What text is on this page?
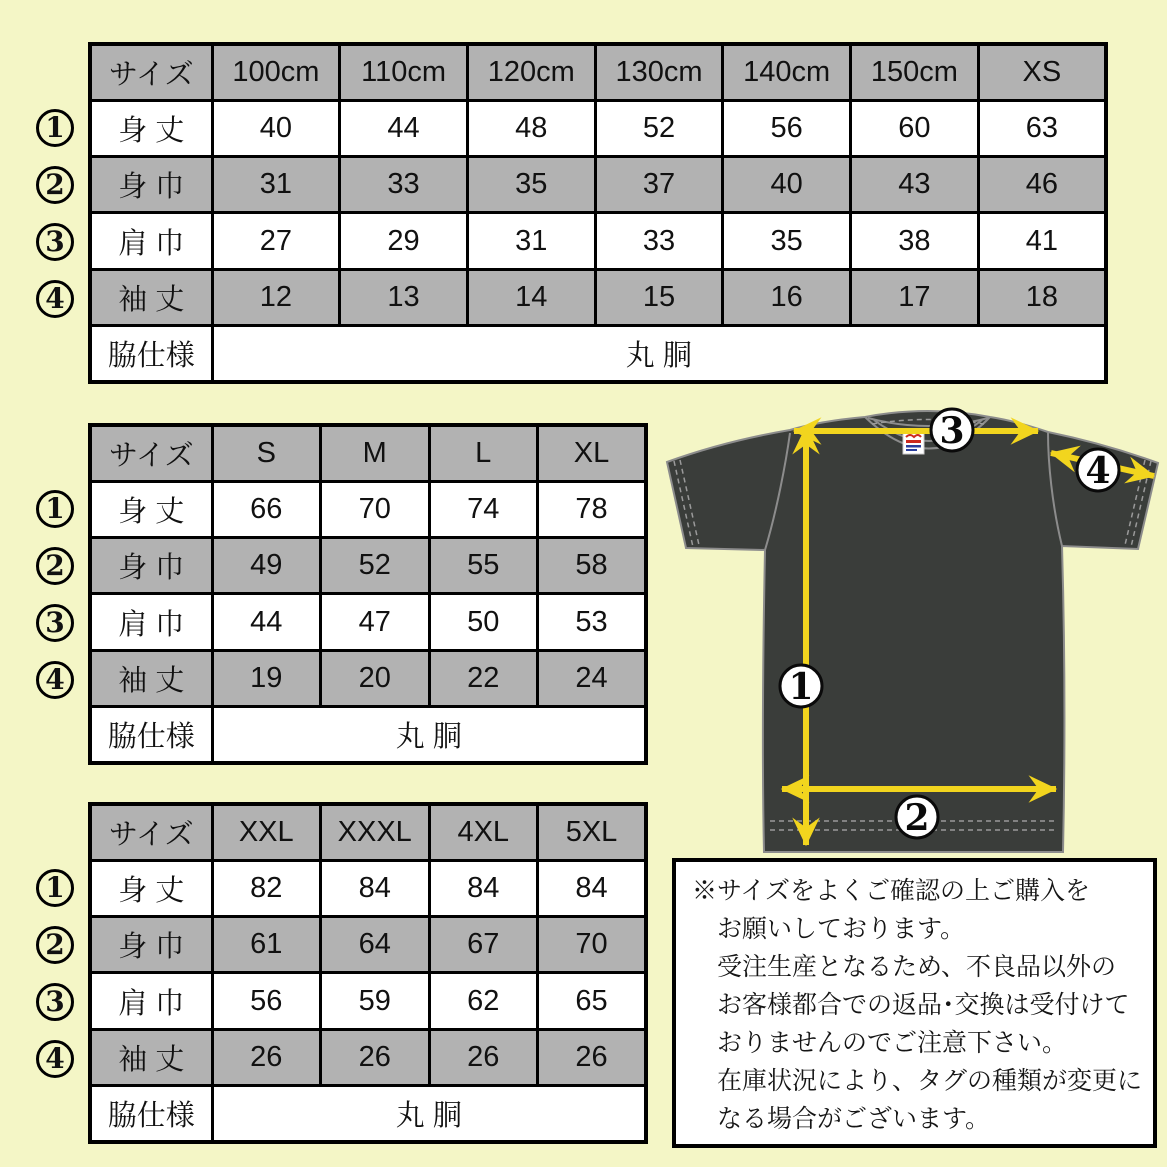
サイズ	100cm	110cm	120cm	130cm	140cm	150cm	XS
身 丈	40	44	48	52	56	60	63
身 巾	31	33	35	37	40	43	46
肩 巾	27	29	31	33	35	38	41
袖 丈	12	13	14	15	16	17	18
脇仕様	丸 胴						
サイズ	S	M	L	XL
身 丈	66	70	74	78
身 巾	49	52	55	58
肩 巾	44	47	50	53
袖 丈	19	20	22	24
脇仕様	丸 胴			
サイズ	XXL	XXXL	4XL	5XL
身 丈	82	84	84	84
身 巾	61	64	67	70
肩 巾	56	59	62	65
袖 丈	26	26	26	26
脇仕様	丸 胴			
3
4
1
2
※サイズをよくご確認の上ご購入を
お願いしております。
受注生産となるため、不良品以外の
お客様都合での返品･交換は受付けて
おりませんのでご注意下さい。
在庫状況により、タグの種類が変更に
なる場合がございます。
1
2
3
4
1
2
3
4
1
2
3
4
